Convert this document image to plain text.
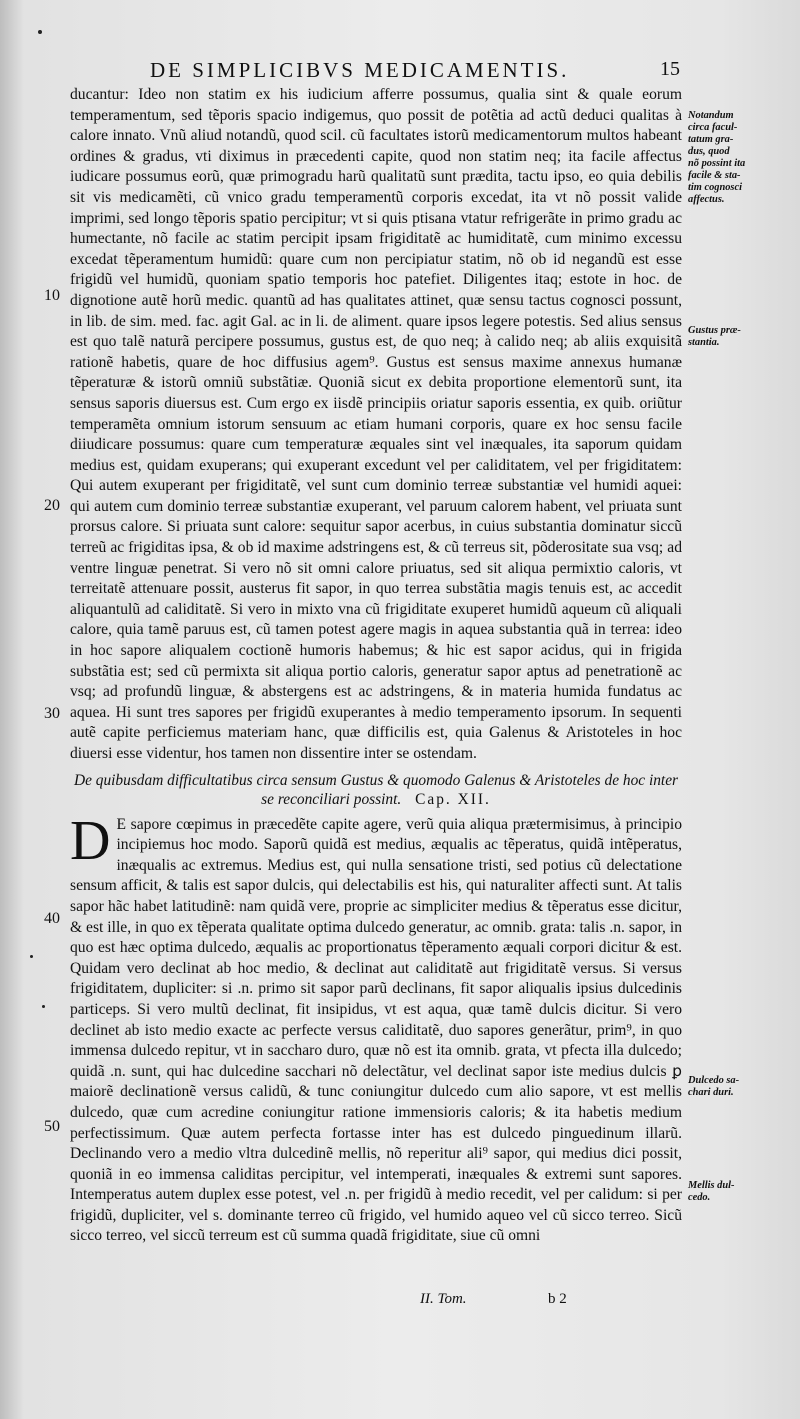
DE SIMPLICIBVS MEDICAMENTIS.	15

ducantur: Ideo non statim ex his iudicium afferre possumus, qualia sint & quale eorum temperamentum, sed tẽporis spacio indigemus, quo possit de potẽtia ad actũ deduci qualitas à calore innato. Vnũ aliud notandũ, quod scil. cũ facultates istorũ medicamentorum multos habeant ordines & gradus, vti diximus in prӕcedenti capite, quod non statim neq; ita facile affectus iudicare possumus eorũ, quӕ primogradu harũ qualitatũ sunt prӕdita, tactu ipso, eo quia debilis sit vis medicamẽti, cũ vnico gradu temperamentũ corporis excedat, ita vt nõ possit valide imprimi, sed longo tẽporis spatio percipitur; vt si quis ptisana vtatur refrigerãte in primo gradu ac humectante, nõ facile ac statim percipit ipsam frigiditatẽ ac humiditatẽ, cum minimo excessu excedat tẽperamentum humidũ: quare cum non percipiatur statim, nõ ob id negandũ est esse frigidũ vel humidũ, quoniam spatio temporis hoc patefiet. Diligentes itaq; estote in hoc. de dignotione autẽ horũ medic. quantũ ad has qualitates attinet, quӕ sensu tactus cognosci possunt, in lib. de sim. med. fac. agit Gal. ac in li. de aliment. quare ipsos legere potestis. Sed alius sensus est quo talẽ naturã percipere possumus, gustus est, de quo neq; à calido neq; ab aliis exquisitã rationẽ habetis, quare de hoc diffusius agem⁹. Gustus est sensus maxime annexus humanӕ tẽperaturӕ & istorũ omniũ substãtiӕ. Quoniã sicut ex debita proportione elementorũ sunt, ita sensus saporis diuersus est. Cum ergo ex iisdẽ principiis oriatur saporis essentia, ex quib. oriũtur temperamẽta omnium istorum sensuum ac etiam humani corporis, quare ex hoc sensu facile diiudicare possumus: quare cum temperaturӕ ӕquales sint vel inӕquales, ita saporum quidam medius est, quidam exuperans; qui exuperant excedunt vel per caliditatem, vel per frigiditatem: Qui autem exuperant per frigiditatẽ, vel sunt cum dominio terreӕ substantiӕ vel humidi aquei: qui autem cum dominio terreӕ substantiӕ exuperant, vel paruum calorem habent, vel priuata sunt prorsus calore. Si priuata sunt calore: sequitur sapor acerbus, in cuius substantia dominatur siccũ terreũ ac frigiditas ipsa, & ob id maxime adstringens est, & cũ terreus sit, põderositate sua vsq; ad ventre linguӕ penetrat. Si vero nõ sit omni calore priuatus, sed sit aliqua permixtio caloris, vt terreitatẽ attenuare possit, austerus fit sapor, in quo terrea substãtia magis tenuis est, ac accedit aliquantulũ ad caliditatẽ. Si vero in mixto vna cũ frigiditate exuperet humidũ aqueum cũ aliquali calore, quia tamẽ paruus est, cũ tamen potest agere magis in aquea substantia quã in terrea: ideo in hoc sapore aliqualem coctionẽ humoris habemus; & hic est sapor acidus, qui in frigida substãtia est; sed cũ permixta sit aliqua portio caloris, generatur sapor aptus ad penetrationẽ ac vsq; ad profundũ linguӕ, & abstergens est ac adstringens, & in materia humida fundatus ac aquea. Hi sunt tres sapores per frigidũ exuperantes à medio temperamento ipsorum. In sequenti autẽ capite perficiemus materiam hanc, quӕ difficilis est, quia Galenus & Aristoteles in hoc diuersi esse videntur, hos tamen non dissentire inter se ostendam.

De quibusdam difficultatibus circa sensum Gustus & quomodo Galenus & Aristoteles de hoc inter se reconciliari possint. Cap. XII.
D E sapore cœpimus in prӕcedẽte capite agere, verũ quia aliqua prӕtermisimus, à principio incipiemus hoc modo. Saporũ quidã est medius, ӕqualis ac tẽperatus, quidã intẽperatus, inӕqualis ac extremus. Medius est, qui nulla sensatione tristi, sed potius cũ delectatione sensum afficit, & talis est sapor dulcis, qui delectabilis est his, qui naturaliter affecti sunt. At talis sapor hãc habet latitudinẽ: nam quidã vere, proprie ac simpliciter medius & tẽperatus esse dicitur, & est ille, in quo ex tẽperata qualitate optima dulcedo generatur, ac omnib. grata: talis .n. sapor, in quo est hӕc optima dulcedo, ӕqualis ac proportionatus tẽperamento ӕquali corpori dicitur & est. Quidam vero declinat ab hoc medio, & declinat aut caliditatẽ aut frigiditatẽ versus. Si versus frigiditatem, dupliciter: si .n. primo sit sapor parũ declinans, fit sapor aliqualis ipsius dulcedinis particeps. Si vero multũ declinat, fit insipidus, vt est aqua, quӕ tamẽ dulcis dicitur. Si vero declinet ab isto medio exacte ac perfecte versus caliditatẽ, duo sapores generãtur, prim⁹, in quo immensa dulcedo repitur, vt in saccharo duro, quӕ nõ est ita omnib. grata, vt pfecta illa dulcedo; quidã .n. sunt, qui hac dulcedine sacchari nõ delectãtur, vel declinat sapor iste medius dulcis ꝑ maiorẽ declinationẽ versus calidũ, & tunc coniungitur dulcedo cum alio sapore, vt est mellis dulcedo, quӕ cum acredine coniungitur ratione immensioris caloris; & ita habetis medium perfectissimum. Quӕ autem perfecta fortasse inter has est dulcedo pinguedinum illarũ. Declinando vero a medio vltra dulcedinẽ mellis, nõ reperitur ali⁹ sapor, qui medius dici possit, quoniã in eo immensa caliditas percipitur, vel intemperati, inӕquales & extremi sunt sapores. Intemperatus autem duplex esse potest, vel .n. per frigidũ à medio recedit, vel per calidum: si per frigidũ, dupliciter, vel s. dominante terreo cũ frigido, vel humido aqueo vel cũ sicco terreo. Sicũ sicco terreo, vel siccũ terreum est cũ summa quadã frigiditate, siue cũ omni
10
20
30
40
50
Notandum
circa facul-
tatum gra-
dus, quod
nõ possint ita
facile & sta-
tim cognosci
affectus.
Gustus prӕ-
stantia.
Dulcedo sa-
chari duri.
Mellis dul-
cedo.
II. Tom.	b 2
